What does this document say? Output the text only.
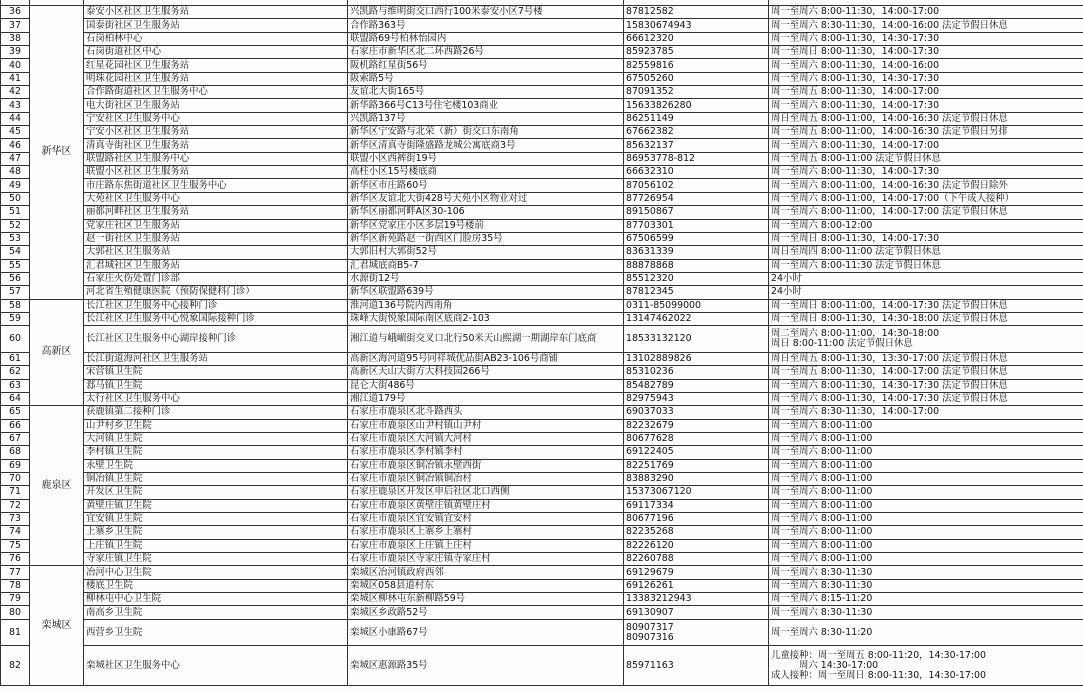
36	新华区	泰安小区社区卫生服务站	兴凯路与维明街交口西行100米泰安小区7号楼	87812582	周一至周六 8:00-11:30，14:00-17:00

37		国泰街社区卫生服务站	合作路363号	15830674943	周一至周六 8:30-11:30，14:00-16:00 法定节假日休息

38		石岗柏林中心	联盟路69号柏林怡园内	66612320	周一至周六 8:00-11:30，14:30-17:30

39		石岗街道社区中心	石家庄市新华区北二环西路26号	85923785	周一至周日 8:00-11:30，14:00-17:30

40		红星花园社区卫生服务站	阪机路红星街56号	82559816	周一至周六 8:00-11:30，14:00-16:00

41		明珠花园社区卫生服务站	阪索路5号	67505260	周一至周六 8:00-11:30，14:30-17:30

42		合作路街道社区卫生服务中心	友谊北大街165号	87091352	周一至周五 8:00-11:30，14:00-17:00

43		电大街社区卫生服务站	新华路366号C13号住宅楼103商业	15633826280	周一至周六 8:00-11:30，14:00-17:30

44		宁安社区卫生服务中心	兴凯路137号	86251149	周日至周五 8:00-11:00，14:00-16:30 法定节假日休息

45		宁安小区社区卫生服务站	新华区宁安路与北荣（新）街交口东南角	67662382	周一至周五 8:00-11:00，14:00-16:30 法定节假日另排

46		清真寺街社区卫生服务站	新华区清真寺街隆盛路龙城公寓底商3号	85632137	周一至周六 8:00-11:30，14:00-17:00

47		联盟路社区卫生服务中心	联盟小区西裤街19号	86953778-812	周一至周五 8:00-11:00 法定节假日休息

48		联盟小区社区卫生服务站	高柱小区15号楼底商	66632310	周一至周六 8:00-11:30，14:00-17:30

49		市庄路东焦街道社区卫生服务中心	新华区市庄路60号	87056102	周一至周六 8:00-11:00，14:00-16:30 法定节假日除外

50		大苑社区卫生服务中心	新华区友谊北大街428号天苑小区物业对过	87726954	周一至周六 8:00-11:00，14:00-17:00（下午成人接种）

51		丽都河畔社区卫生服务站	新华区丽都河畔A区30-106	89150867	周一至周六 8:00-11:00，14:00-17:00 法定节假日休息

52		党家庄社区卫生服务站	新华区党家庄小区多层19号楼前	87703301	周一至周六 8:00-12:00

53		赵一街社区卫生服务站	新华区新苑路赵一街西区门脸房35号	67506599	周一至周日 8:00-11:30，14:00-17:30

54		大郭社区卫生服务站	大郭旧村大郭街52号	83631339	周日至周四 8:00-11:00 法定节假日休息

55		汇君城社区卫生服务站	汇君城底商B5-7	88878868	周一至周六 8:00-11:30 法定节假日休息

56		石家庄火伤处置门诊部	水源街12号	85512320	24小时

57		河北省生殖健康医院（预防保健科门诊）	新华区联盟路639号	87812345	24小时

58	高新区	长江社区卫生服务中心接种门诊	淮河道136号院内西南角	0311-85099000	周一至周日 8:00-11:00，14:00-17:30 法定节假日休息

59		长江社区卫生服务中心悦象国际接种门诊	珠峰大街悦象国际南区底商2-103	13147462022	周一至周日 8:00-11:30，14:30-18:00 法定节假日休息

60		长江社区卫生服务中心湖岸接种门诊	湘江道与峨嵋街交叉口北行50米天山熙湖一期湖岸东门底商	18533132120	周二至周六 8:00-11:00，14:30-18:00
周日 8:00-11:00 法定节假日休息

61		长江街道海河社区卫生服务站	高新区海河道95号同祥城优品街AB23-106号商铺	13102889826	周日至周五 8:00-11:30，13:30-17:00 法定节假日休息

62		宋营镇卫生院	高新区天山大街方大科技园266号	85310236	周一至周五 8:00-11:30，14:00-17:00 法定节假日休息

63		郄马镇卫生院	昆仑大街486号	85482789	周一至周六 8:00-11:30，14:30-17:30 法定节假日休息

64		太行社区卫生服务中心	湘江道179号	82975943	周一至周六 8:00-11:30，14:00-17:30 法定节假日休息

65	鹿泉区	获鹿镇第二接种门诊	石家庄市鹿泉区北斗路西头	69037033	周一至周六 8:30-11:30，14:00-17:00

66		山尹村乡卫生院	石家庄市鹿泉区山尹村镇山尹村	82232679	周一至周六 8:00-11:00

67		大河镇卫生院	石家庄市鹿泉区大河镇大河村	80677628	周一至周六 8:00-11:00

68		李村镇卫生院	石家庄市鹿泉区李村镇李村	69122405	周一至周六 8:00-11:00

69		永壁卫生院	石家庄市鹿泉区铜冶镇永壁西街	82251769	周一至周六 8:00-11:00

70		铜冶镇卫生院	石家庄市鹿泉区铜冶镇铜冶村	83883290	周一至周六 8:00-11:00

71		开发区卫生院	石家庄鹿泉区开发区申后社区北口西侧	15373067120	周一至周六 8:00-11:00

72		黄壁庄镇卫生院	石家庄市鹿泉区黄壁庄镇黄壁庄村	69117334	周一至周六 8:00-11:00

73		宜安镇卫生院	石家庄市鹿泉区宜安镇宜安村	80677196	周一至周六 8:00-11:00

74		上寨乡卫生院	石家庄市鹿泉区上寨乡上寨村	82235268	周一至周六 8:00-11:00

75		上庄镇卫生院	石家庄市鹿泉区上庄镇上庄村	82226120	周一至周六 8:00-11:00

76		寺家庄镇卫生院	石家庄市鹿泉区寺家庄镇寺家庄村	82260788	周一至周六 8:00-11:00

77	栾城区	冶河中心卫生院	栾城区冶河镇政府西邻	69129679	周一至周六 8:30-11:30

78		楼底卫生院	栾城区058县道村东	69126261	周一至周六 8:30-11:30

79		柳林屯中心卫生院	栾城区柳林屯东新柳路59号	13383212943	周一至周六 8:15-11:20

80		南高乡卫生院	栾城区乡政路52号	69130907	周一至周六 8:30-11:30

81		西营乡卫生院	栾城区小康路67号	80907317
80907316	周一至周六 8:30-11:20

82		栾城社区卫生服务中心	栾城区惠源路35号	85971163	儿童接种：周一至周五 8:00-11:20，14:30-17:00
周六 14:30-17:00
成人接种：周一至周日 8:00-11:30，14:30-17:00
